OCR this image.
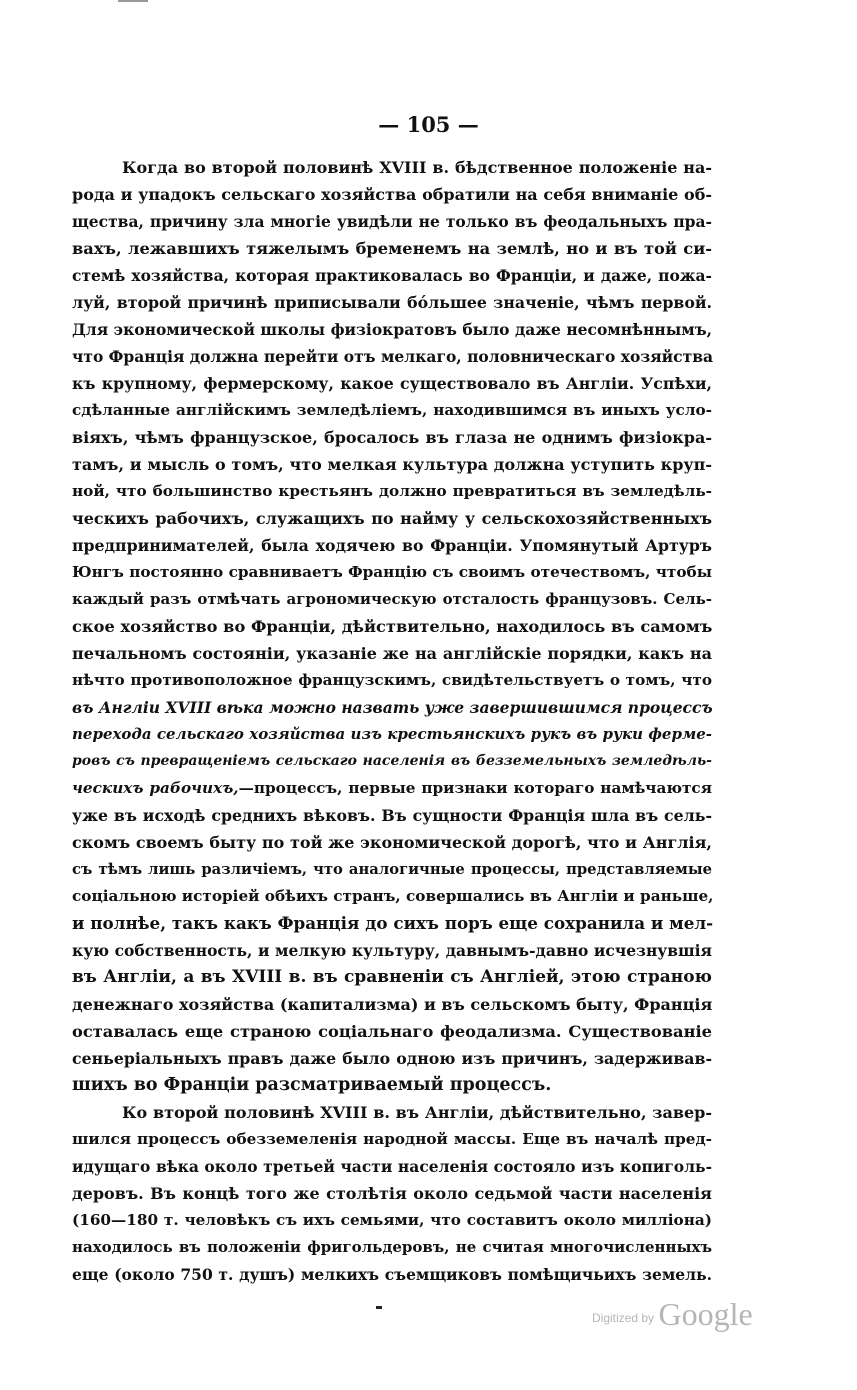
— 105 —
Когда во второй половинѣ XVIII в. бѣдственное положеніе на-
рода и упадокъ сельскаго хозяйства обратили на себя вниманіе об-
щества, причину зла многіе увидѣли не только въ феодальныхъ пра-
вахъ, лежавшихъ тяжелымъ бременемъ на землѣ, но и въ той си-
стемѣ хозяйства, которая практиковалась во Франціи, и даже, пожа-
луй, второй причинѣ приписывали бóльшее значеніе, чѣмъ первой.
Для экономической школы физіократовъ было даже несомнѣннымъ,
что Франція должна перейти отъ мелкаго, половническаго хозяйства
къ крупному, фермерскому, какое существовало въ Англіи. Успѣхи,
сдѣланные англійскимъ земледѣліемъ, находившимся въ иныхъ усло-
віяхъ, чѣмъ французское, бросалось въ глаза не однимъ физіокра-
тамъ, и мысль о томъ, что мелкая культура должна уступить круп-
ной, что большинство крестьянъ должно превратиться въ земледѣль-
ческихъ рабочихъ, служащихъ по найму у сельскохозяйственныхъ
предпринимателей, была ходячею во Франціи. Упомянутый Артуръ
Юнгъ постоянно сравниваетъ Францію съ своимъ отечествомъ, чтобы
каждый разъ отмѣчать агрономическую отсталость французовъ. Сель-
ское хозяйство во Франціи, дѣйствительно, находилось въ самомъ
печальномъ состояніи, указаніе же на англійскіе порядки, какъ на
нѣчто противоположное французскимъ, свидѣтельствуетъ о томъ, что
въ Англіи XVIII вѣка можно назвать уже завершившимся процессъ
перехода сельскаго хозяйства изъ крестьянскихъ рукъ въ руки ферме-
ровъ съ превращеніемъ сельскаго населенія въ безземельныхъ земледѣль-
ческихъ рабочихъ,—процессъ, первые признаки котораго намѣчаются
уже въ исходѣ среднихъ вѣковъ. Въ сущности Франція шла въ сель-
скомъ своемъ быту по той же экономической дорогѣ, что и Англія,
съ тѣмъ лишь различіемъ, что аналогичные процессы, представляемые
соціальною исторіей обѣихъ странъ, совершались въ Англіи и раньше,
и полнѣе, такъ какъ Франція до сихъ поръ еще сохранила и мел-
кую собственность, и мелкую культуру, давнымъ-давно исчезнувшія
въ Англіи, а въ XVIII в. въ сравненіи съ Англіей, этою страною
денежнаго хозяйства (капитализма) и въ сельскомъ быту, Франція
оставалась еще страною соціальнаго феодализма. Существованіе
сеньеріальныхъ правъ даже было одною изъ причинъ, задерживав-
шихъ во Франціи разсматриваемый процессъ.
Ко второй половинѣ XVIII в. въ Англіи, дѣйствительно, завер-
шился процессъ обезземеленія народной массы. Еще въ началѣ пред-
идущаго вѣка около третьей части населенія состояло изъ копиголь-
деровъ. Въ концѣ того же столѣтія около седьмой части населенія
(160—180 т. человѣкъ съ ихъ семьями, что составитъ около милліона)
находилось въ положеніи фригольдеровъ, не считая многочисленныхъ
еще (около 750 т. душъ) мелкихъ съемщиковъ помѣщичьихъ земель.
Digitized by Google
